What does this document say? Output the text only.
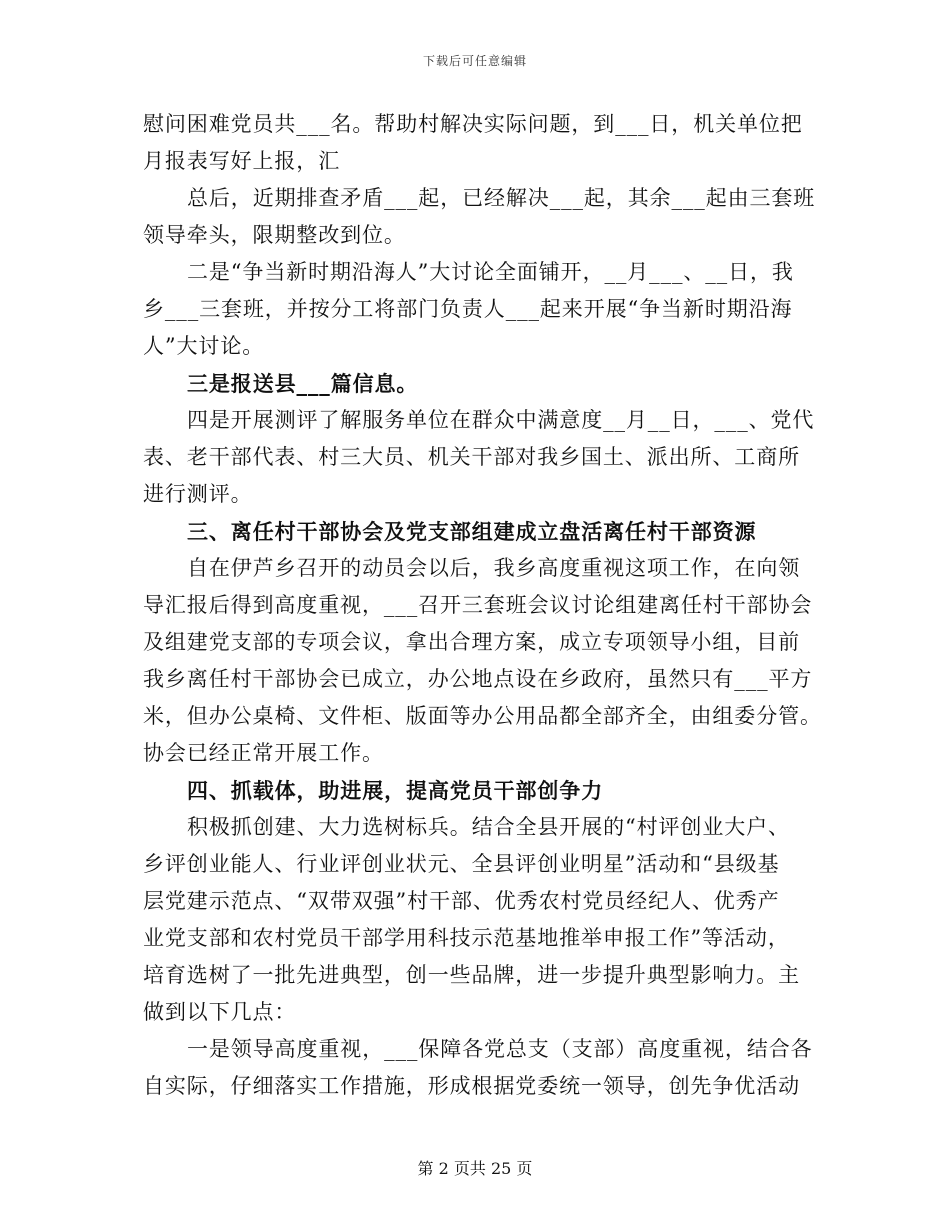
下载后可任意编辑
慰问困难党员共___名。帮助村解决实际问题，到___日，机关单位把
月报表写好上报，汇
总后，近期排查矛盾___起，已经解决___起，其余___起由三套班
领导牵头，限期整改到位。
二是“争当新时期沿海人”大讨论全面铺开，__月___、__日，我
乡___三套班，并按分工将部门负责人___起来开展“争当新时期沿海
人”大讨论。
三是报送县___篇信息。
四是开展测评了解服务单位在群众中满意度__月__日，___、党代
表、老干部代表、村三大员、机关干部对我乡国土、派出所、工商所
进行测评。
三、离任村干部协会及党支部组建成立盘活离任村干部资源
自在伊芦乡召开的动员会以后，我乡高度重视这项工作，在向领
导汇报后得到高度重视，___召开三套班会议讨论组建离任村干部协会
及组建党支部的专项会议，拿出合理方案，成立专项领导小组，目前
我乡离任村干部协会已成立，办公地点设在乡政府，虽然只有___平方
米，但办公桌椅、文件柜、版面等办公用品都全部齐全，由组委分管。
协会已经正常开展工作。
四、抓载体，助进展，提高党员干部创争力
积极抓创建、大力选树标兵。结合全县开展的“村评创业大户、
乡评创业能人、行业评创业状元、全县评创业明星”活动和“县级基
层党建示范点、“双带双强”村干部、优秀农村党员经纪人、优秀产
业党支部和农村党员干部学用科技示范基地推举申报工作”等活动，
培育选树了一批先进典型，创一些品牌，进一步提升典型影响力。主
做到以下几点：
一是领导高度重视，___保障各党总支（支部）高度重视，结合各
自实际，仔细落实工作措施，形成根据党委统一领导，创先争优活动
第 2 页共 25 页
